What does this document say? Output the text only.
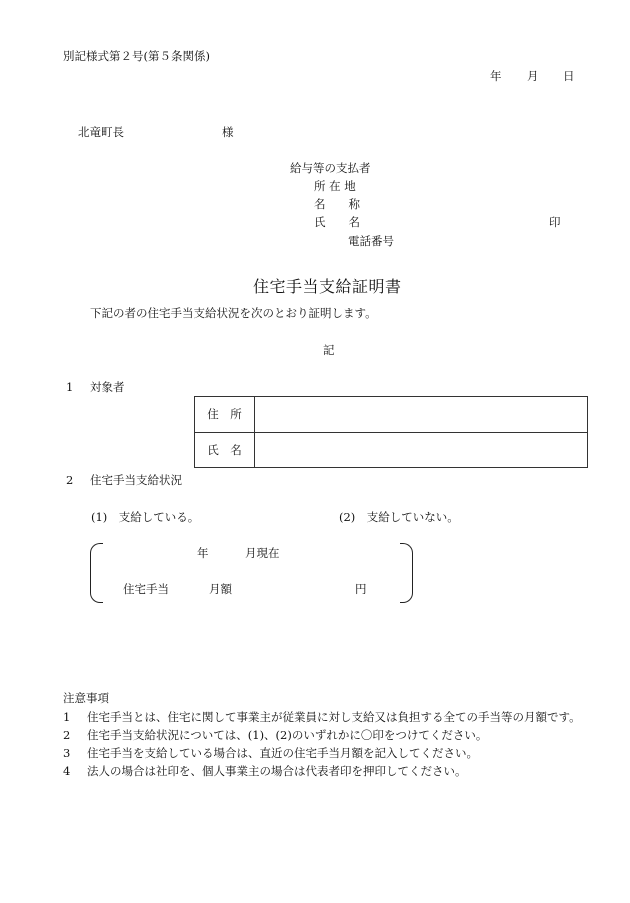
別記様式第２号(第５条関係)
年 月 日
北竜町長	様
給与等の支払者
所 在 地
名　　称
氏　　名	印
電話番号
住宅手当支給証明書
下記の者の住宅手当支給状況を次のとおり証明します。
記
1 対象者
住　所	
氏　名	
2 住宅手当支給状況
(1)　支給している。	(2)　支給していない。
年	月現在
住宅手当	月額	円
注意事項
1	住宅手当とは、住宅に関して事業主が従業員に対し支給又は負担する全ての手当等の月額です。
2	住宅手当支給状況については、(1)、(2)のいずれかに〇印をつけてください。
3	住宅手当を支給している場合は、直近の住宅手当月額を記入してください。
4	法人の場合は社印を、個人事業主の場合は代表者印を押印してください。
